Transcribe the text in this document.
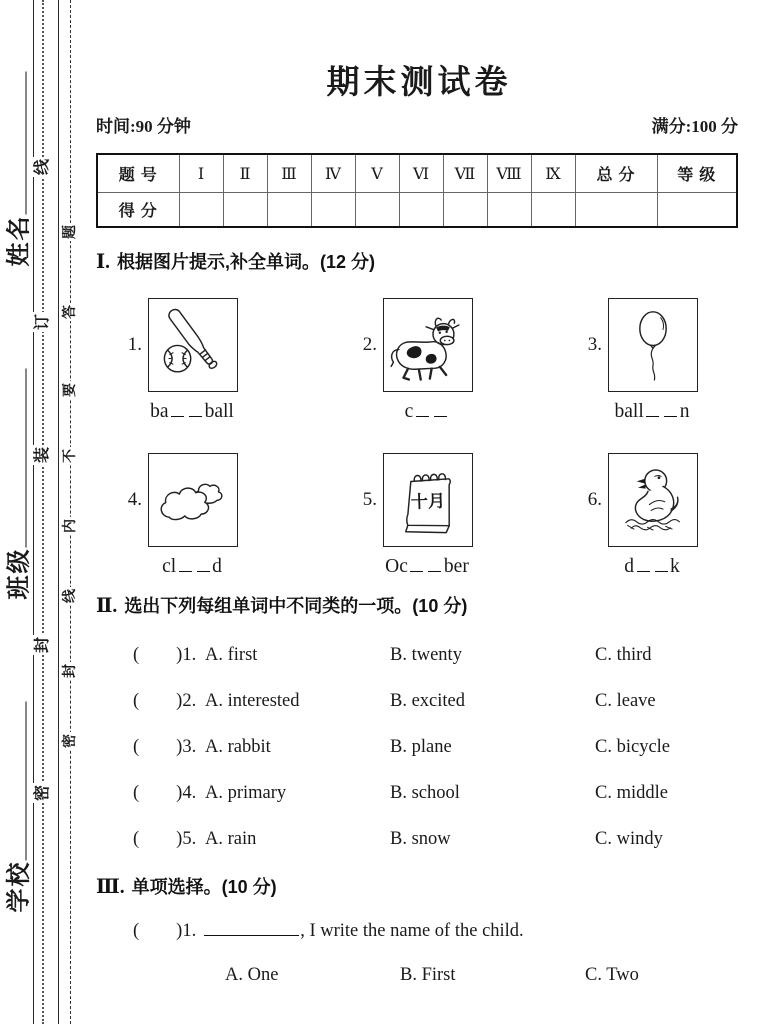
姓名
班级
学校
线
订
装
封
密
题
答
要
不
内
线
封
密
期末测试卷
时间:90 分钟	满分:100 分
题 号	Ⅰ	Ⅱ	Ⅲ	Ⅳ	Ⅴ	Ⅵ	Ⅶ	Ⅷ	Ⅸ	总 分	等 级
得 分											
Ⅰ. 根据图片提示,补全单词。(12 分)
1.
ba ball
2.
c
3.
ball n
4.
cl d
5. 十月
Oc ber
6.
d k
Ⅱ. 选出下列每组单词中不同类的一项。(10 分)
( )1. A. first	B. twenty	C. third
( )2. A. interested	B. excited	C. leave
( )3. A. rabbit	B. plane	C. bicycle
( )4. A. primary	B. school	C. middle
( )5. A. rain	B. snow	C. windy
Ⅲ. 单项选择。(10 分)
( )1.	, I write the name of the child.
A. One	B. First	C. Two
